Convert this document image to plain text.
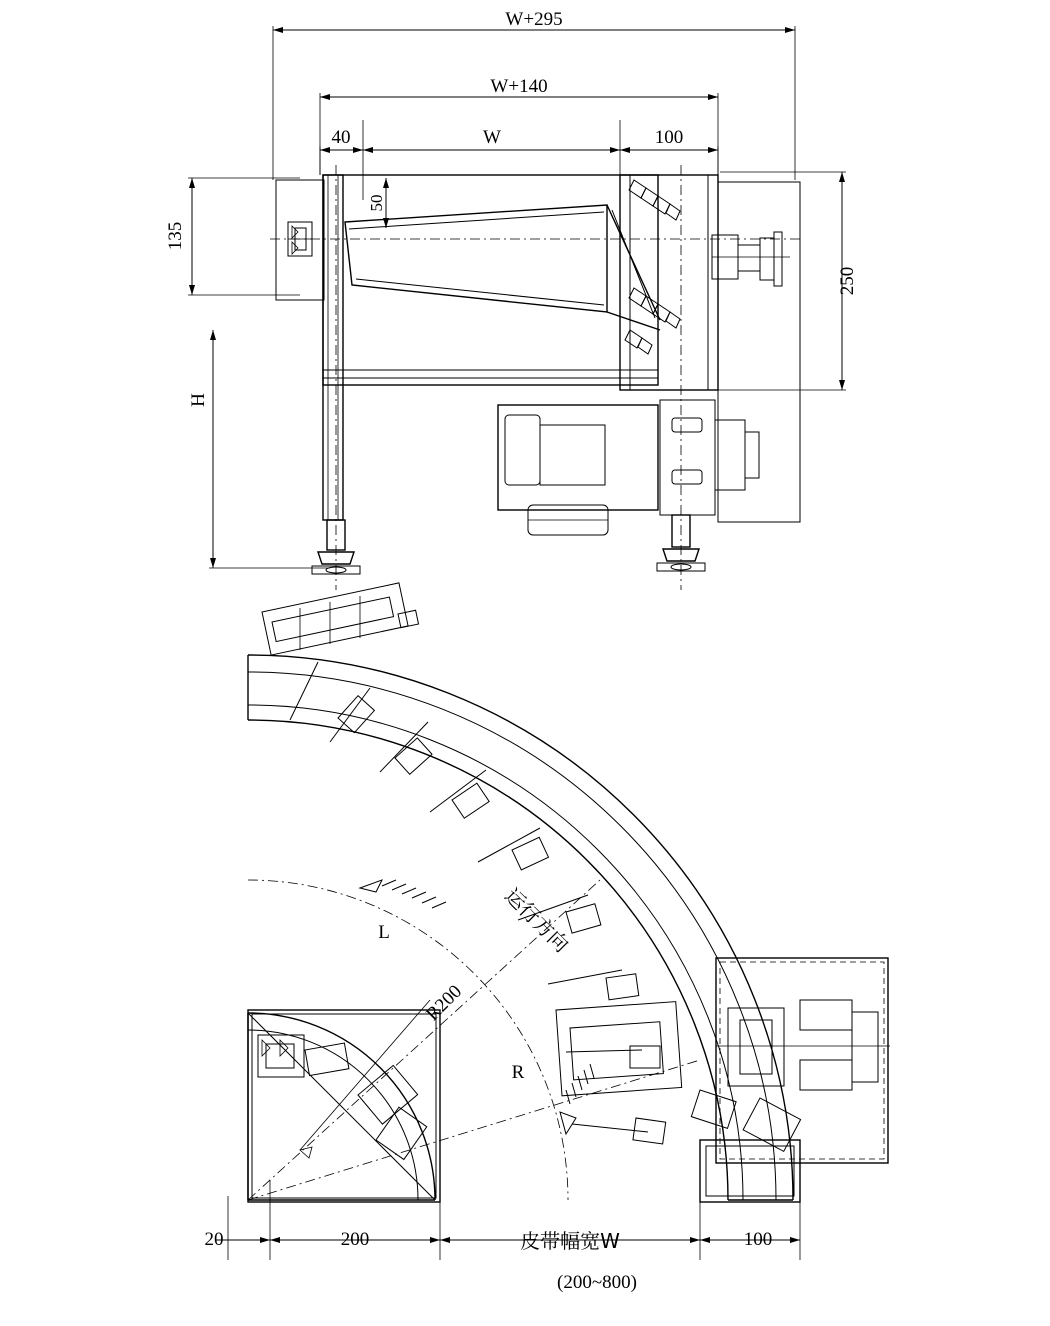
W+295
W+140
40	W	100
50
135
250
H
L
R
R200
运行方向
20	200	皮带幅宽W	100
(200~800)
